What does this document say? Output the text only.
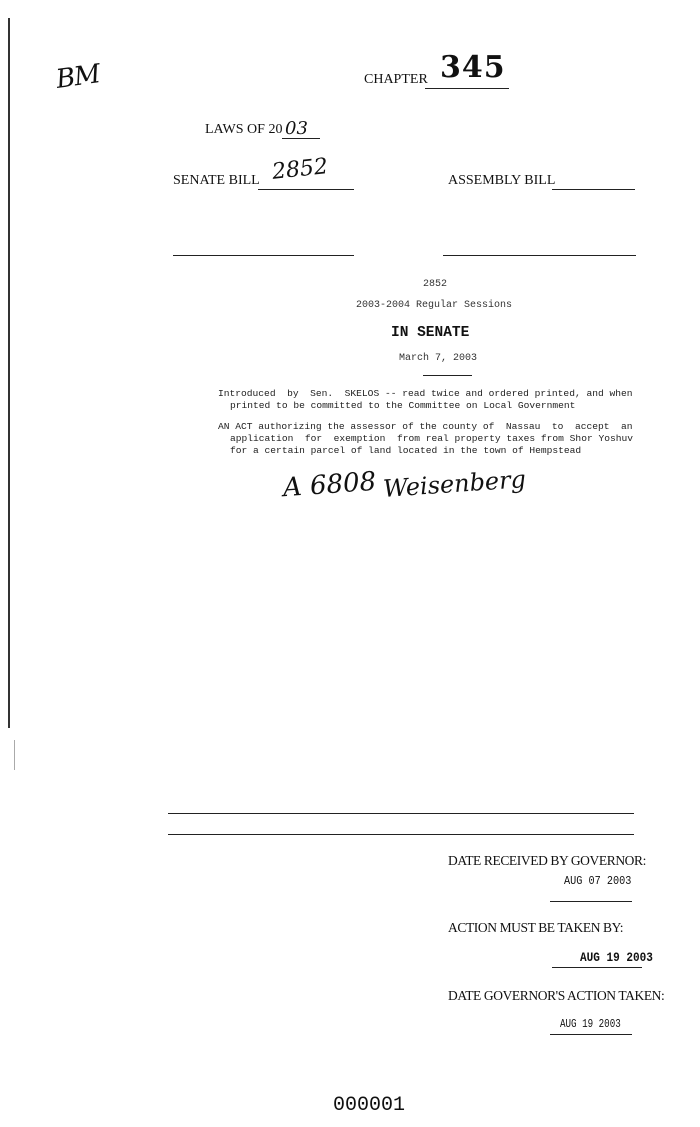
BM	CHAPTER 345
LAWS OF 20 03
SENATE BILL 2852	ASSEMBLY BILL
2852
2003-2004 Regular Sessions
IN SENATE
March 7, 2003
Introduced  by  Sen.  SKELOS -- read twice and ordered printed, and when
printed to be committed to the Committee on Local Government
AN ACT authorizing the assessor of the county of  Nassau  to  accept  an
application  for  exemption  from real property taxes from Shor Yoshuv
for a certain parcel of land located in the town of Hempstead
A 6808 Weisenberg
DATE RECEIVED BY GOVERNOR:
AUG 07 2003
ACTION MUST BE TAKEN BY:
AUG 19 2003
DATE GOVERNOR'S ACTION TAKEN:
AUG 19 2003
000001
